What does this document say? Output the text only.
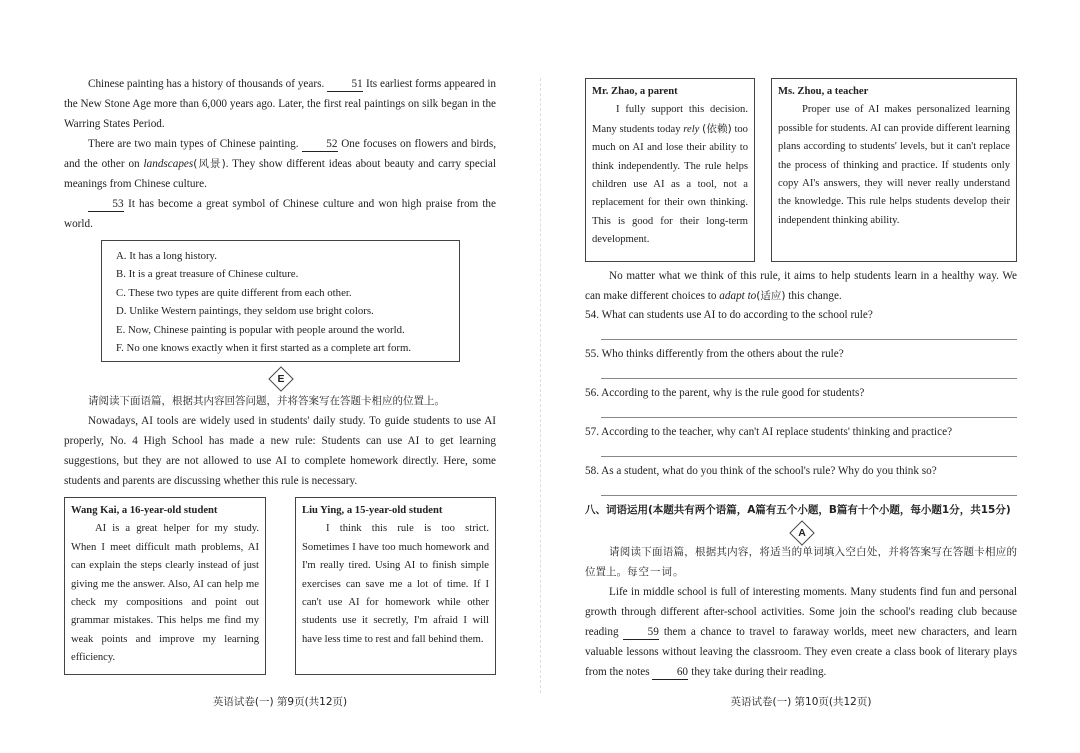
Chinese painting has a history of thousands of years. 51 Its earliest forms appeared in the New Stone Age more than 6,000 years ago. Later, the first real paintings on silk began in the Warring States Period.

There are two main types of Chinese painting. 52 One focuses on flowers and birds, and the other on landscapes(风景). They show different ideas about beauty and carry special meanings from Chinese culture.

53 It has become a great symbol of Chinese culture and won high praise from the world.

A. It has a long history.
B. It is a great treasure of Chinese culture.
C. These two types are quite different from each other.
D. Unlike Western paintings, they seldom use bright colors.
E. Now, Chinese painting is popular with people around the world.
F. No one knows exactly when it first started as a complete art form.
E

请阅读下面语篇，根据其内容回答问题，并将答案写在答题卡相应的位置上。

Nowadays, AI tools are widely used in students' daily study. To guide students to use AI properly, No. 4 High School has made a new rule: Students can use AI to get learning suggestions, but they are not allowed to use AI to complete homework directly. Here, some students and parents are discussing whether this rule is necessary.

Wang Kai, a 16-year-old student

AI is a great helper for my study. When I meet difficult math problems, AI can explain the steps clearly instead of just giving me the answer. Also, AI can help me check my compositions and point out grammar mistakes. This helps me find my weak points and improve my learning efficiency.

Liu Ying, a 15-year-old student

I think this rule is too strict. Sometimes I have too much homework and I'm really tired. Using AI to finish simple exercises can save me a lot of time. If I can't use AI for homework while other students use it secretly, I'm afraid I will have less time to rest and fall behind them.

英语试卷(一) 第9页(共12页)
Mr. Zhao, a parent

I fully support this decision. Many students today rely (依赖) too much on AI and lose their ability to think independently. The rule helps children use AI as a tool, not a replacement for their own thinking. This is good for their long-term development.

Ms. Zhou, a teacher

Proper use of AI makes personalized learning possible for students. AI can provide different learning plans according to students' levels, but it can't replace the process of thinking and practice. If students only copy AI's answers, they will never really understand the knowledge. This rule helps students develop their independent thinking ability.

No matter what we think of this rule, it aims to help students learn in a healthy way. We can make different choices to adapt to(适应) this change.

54. What can students use AI to do according to the school rule?
55. Who thinks differently from the others about the rule?
56. According to the parent, why is the rule good for students?
57. According to the teacher, why can't AI replace students' thinking and practice?
58. As a student, what do you think of the school's rule? Why do you think so?
八、词语运用(本题共有两个语篇，A篇有五个小题，B篇有十个小题，每小题1分，共15分)
A

请阅读下面语篇，根据其内容，将适当的单词填入空白处，并将答案写在答题卡相应的位置上。每空一词。

Life in middle school is full of interesting moments. Many students find fun and personal growth through different after-school activities. Some join the school's reading club because reading	59 them a chance to travel to faraway worlds, meet new characters, and learn valuable lessons without leaving the classroom. They even create a class book of literary plays from the notes 60 they take during their reading.

英语试卷(一) 第10页(共12页)
